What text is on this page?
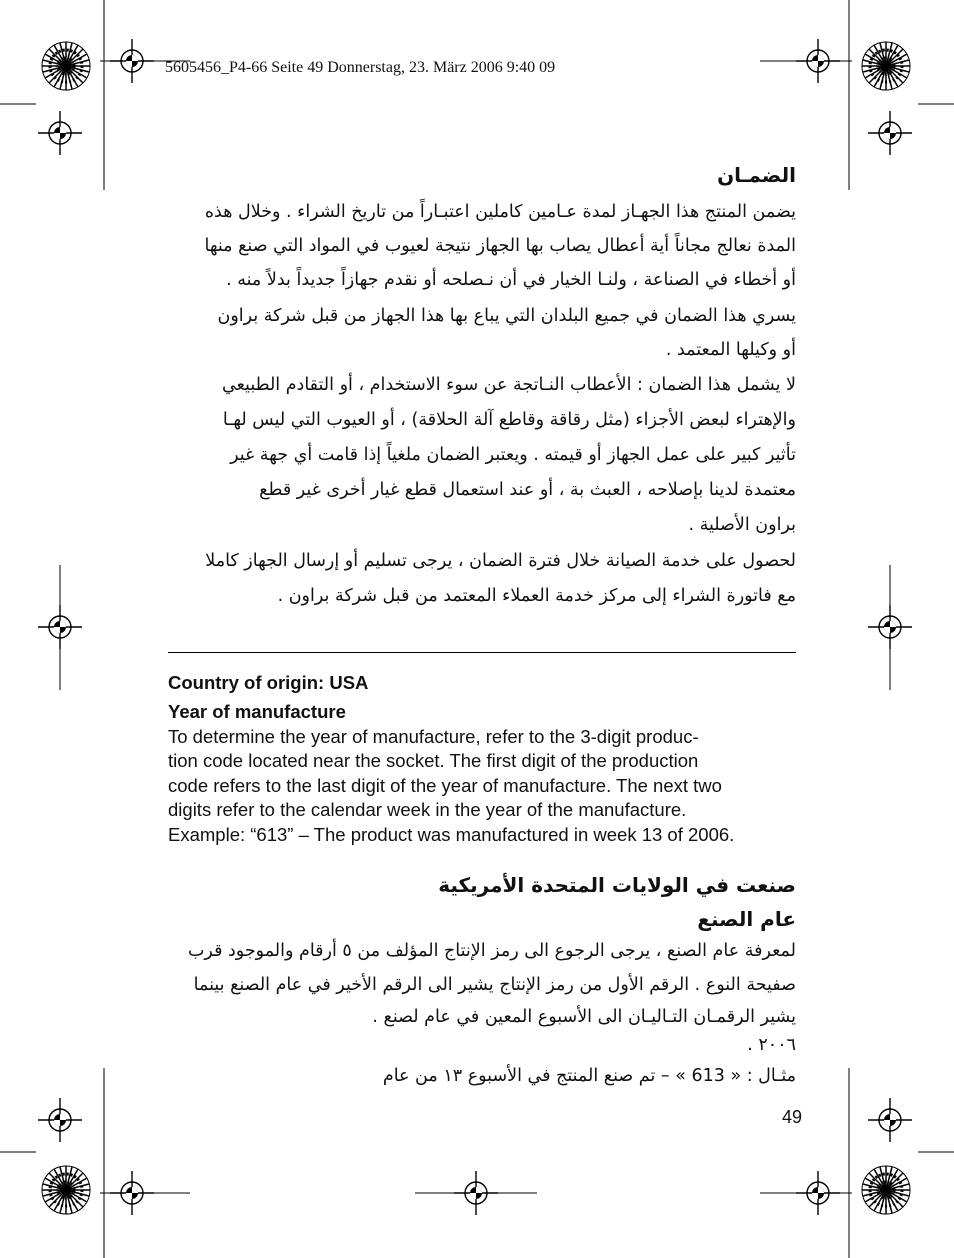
5605456_P4-66 Seite 49 Donnerstag, 23. März 2006 9:40 09
الضمـان
يضمن المنتج هذا الجهـاز لمدة عـامين كاملين اعتبـاراً من تاريخ الشراء . وخلال هذه
المدة نعالج مجاناً أية أعطال يصاب بها الجهاز نتيجة لعيوب في المواد التي صنع منها
أو أخطاء في الصناعة ، ولنـا الخيار في أن نـصلحه أو نقدم جهازاً جديداً بدلاً منه .
يسري هذا الضمان في جميع البلدان التي يباع بها هذا الجهاز من قبل شركة براون
أو وكيلها المعتمد .
لا يشمل هذا الضمان : الأعطاب النـاتجة عن سوء الاستخدام ، أو التقادم الطبيعي
والإهتراء لبعض الأجزاء (مثل رقاقة وقاطع آلة الحلاقة) ، أو العيوب التي ليس لهـا
تأثير كبير على عمل الجهاز أو قيمته . ويعتبر الضمان ملغياً إذا قامت أي جهة غير
معتمدة لدينا بإصلاحه ، العبث بة ، أو عند استعمال قطع غيار أخرى غير قطع
براون الأصلية .
لحصول على خدمة الصيانة خلال فترة الضمان ، يرجى تسليم أو إرسال الجهاز كاملا
مع فاتورة الشراء إلى مركز خدمة العملاء المعتمد من قبل شركة براون .
Country of origin: USA
Year of manufacture
To determine the year of manufacture, refer to the 3-digit produc-
tion code located near the socket. The first digit of the production
code refers to the last digit of the year of manufacture. The next two
digits refer to the calendar week in the year of the manufacture.
Example: “613” – The product was manufactured in week 13 of 2006.
صنعت في الولايات المتحدة الأمريكية
عام الصنع
لمعرفة عام الصنع ، يرجى الرجوع الى رمز الإنتاج المؤلف من ٥ أرقام والموجود قرب
صفيحة النوع . الرقم الأول من رمز الإنتاج يشير الى الرقم الأخير في عام الصنع بينما
يشير الرقمـان التـاليـان الى الأسبوع المعين في عام لصنع .
٢٠٠٦ .
مثـال : « 613 » – تم صنع المنتج في الأسبوع ١٣ من عام
49
